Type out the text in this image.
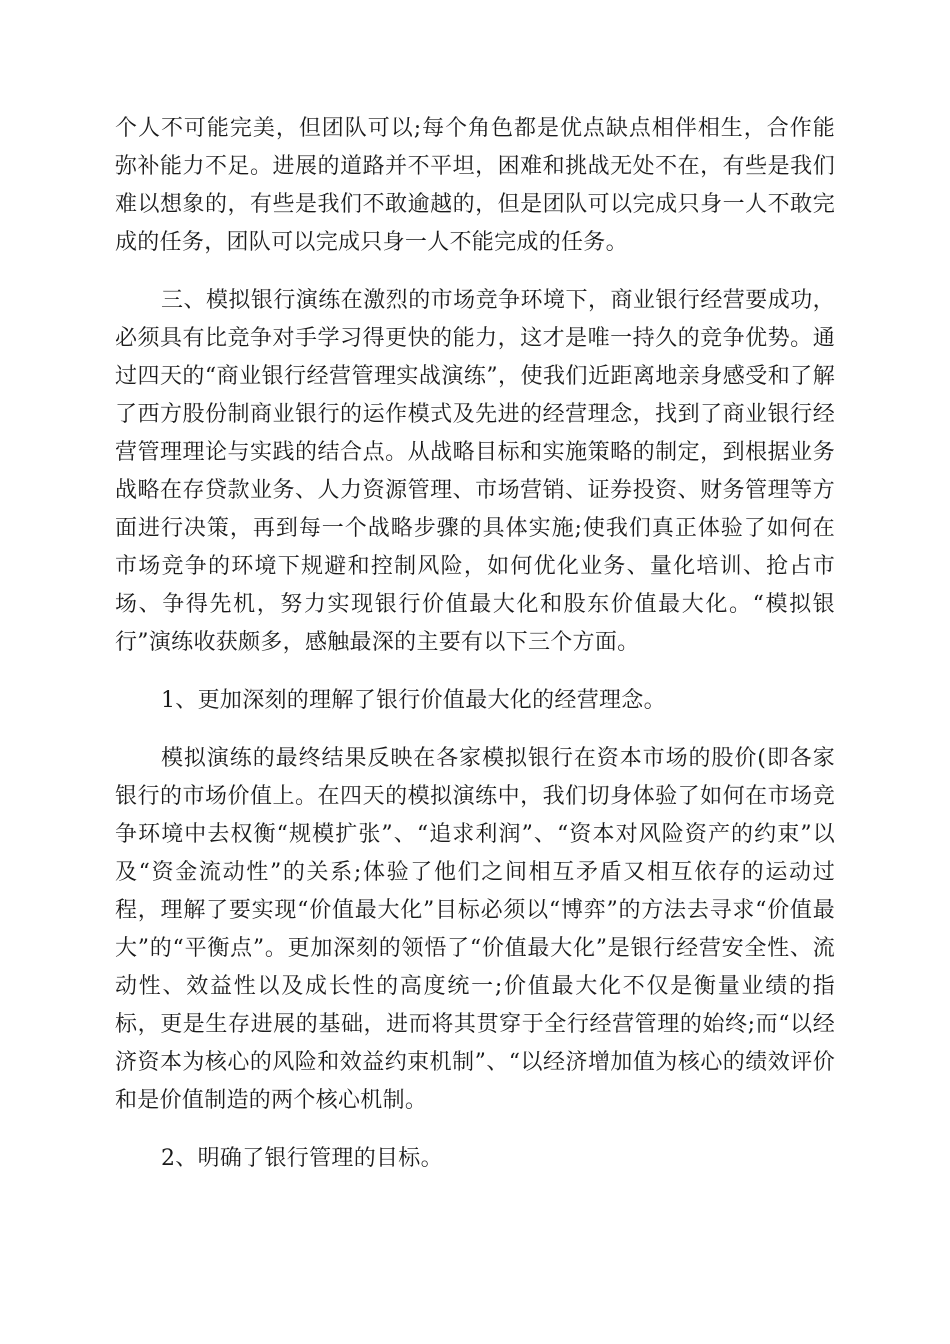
个人不可能完美，但团队可以;每个角色都是优点缺点相伴相生，合作能弥补能力不足。进展的道路并不平坦，困难和挑战无处不在，有些是我们难以想象的，有些是我们不敢逾越的，但是团队可以完成只身一人不敢完成的任务，团队可以完成只身一人不能完成的任务。

三、模拟银行演练在激烈的市场竞争环境下，商业银行经营要成功，必须具有比竞争对手学习得更快的能力，这才是唯一持久的竞争优势。通过四天的“商业银行经营管理实战演练”，使我们近距离地亲身感受和了解了西方股份制商业银行的运作模式及先进的经营理念，找到了商业银行经营管理理论与实践的结合点。从战略目标和实施策略的制定，到根据业务战略在存贷款业务、人力资源管理、市场营销、证券投资、财务管理等方面进行决策，再到每一个战略步骤的具体实施;使我们真正体验了如何在市场竞争的环境下规避和控制风险，如何优化业务、量化培训、抢占市场、争得先机，努力实现银行价值最大化和股东价值最大化。“模拟银行”演练收获颇多，感触最深的主要有以下三个方面。

1、更加深刻的理解了银行价值最大化的经营理念。

模拟演练的最终结果反映在各家模拟银行在资本市场的股价(即各家银行的市场价值上。在四天的模拟演练中，我们切身体验了如何在市场竞争环境中去权衡“规模扩张”、“追求利润”、“资本对风险资产的约束”以及“资金流动性”的关系;体验了他们之间相互矛盾又相互依存的运动过程，理解了要实现“价值最大化”目标必须以“博弈”的方法去寻求“价值最大”的“平衡点”。更加深刻的领悟了“价值最大化”是银行经营安全性、流动性、效益性以及成长性的高度统一;价值最大化不仅是衡量业绩的指标，更是生存进展的基础，进而将其贯穿于全行经营管理的始终;而“以经济资本为核心的风险和效益约束机制”、“以经济增加值为核心的绩效评价和是价值制造的两个核心机制。

2、明确了银行管理的目标。
